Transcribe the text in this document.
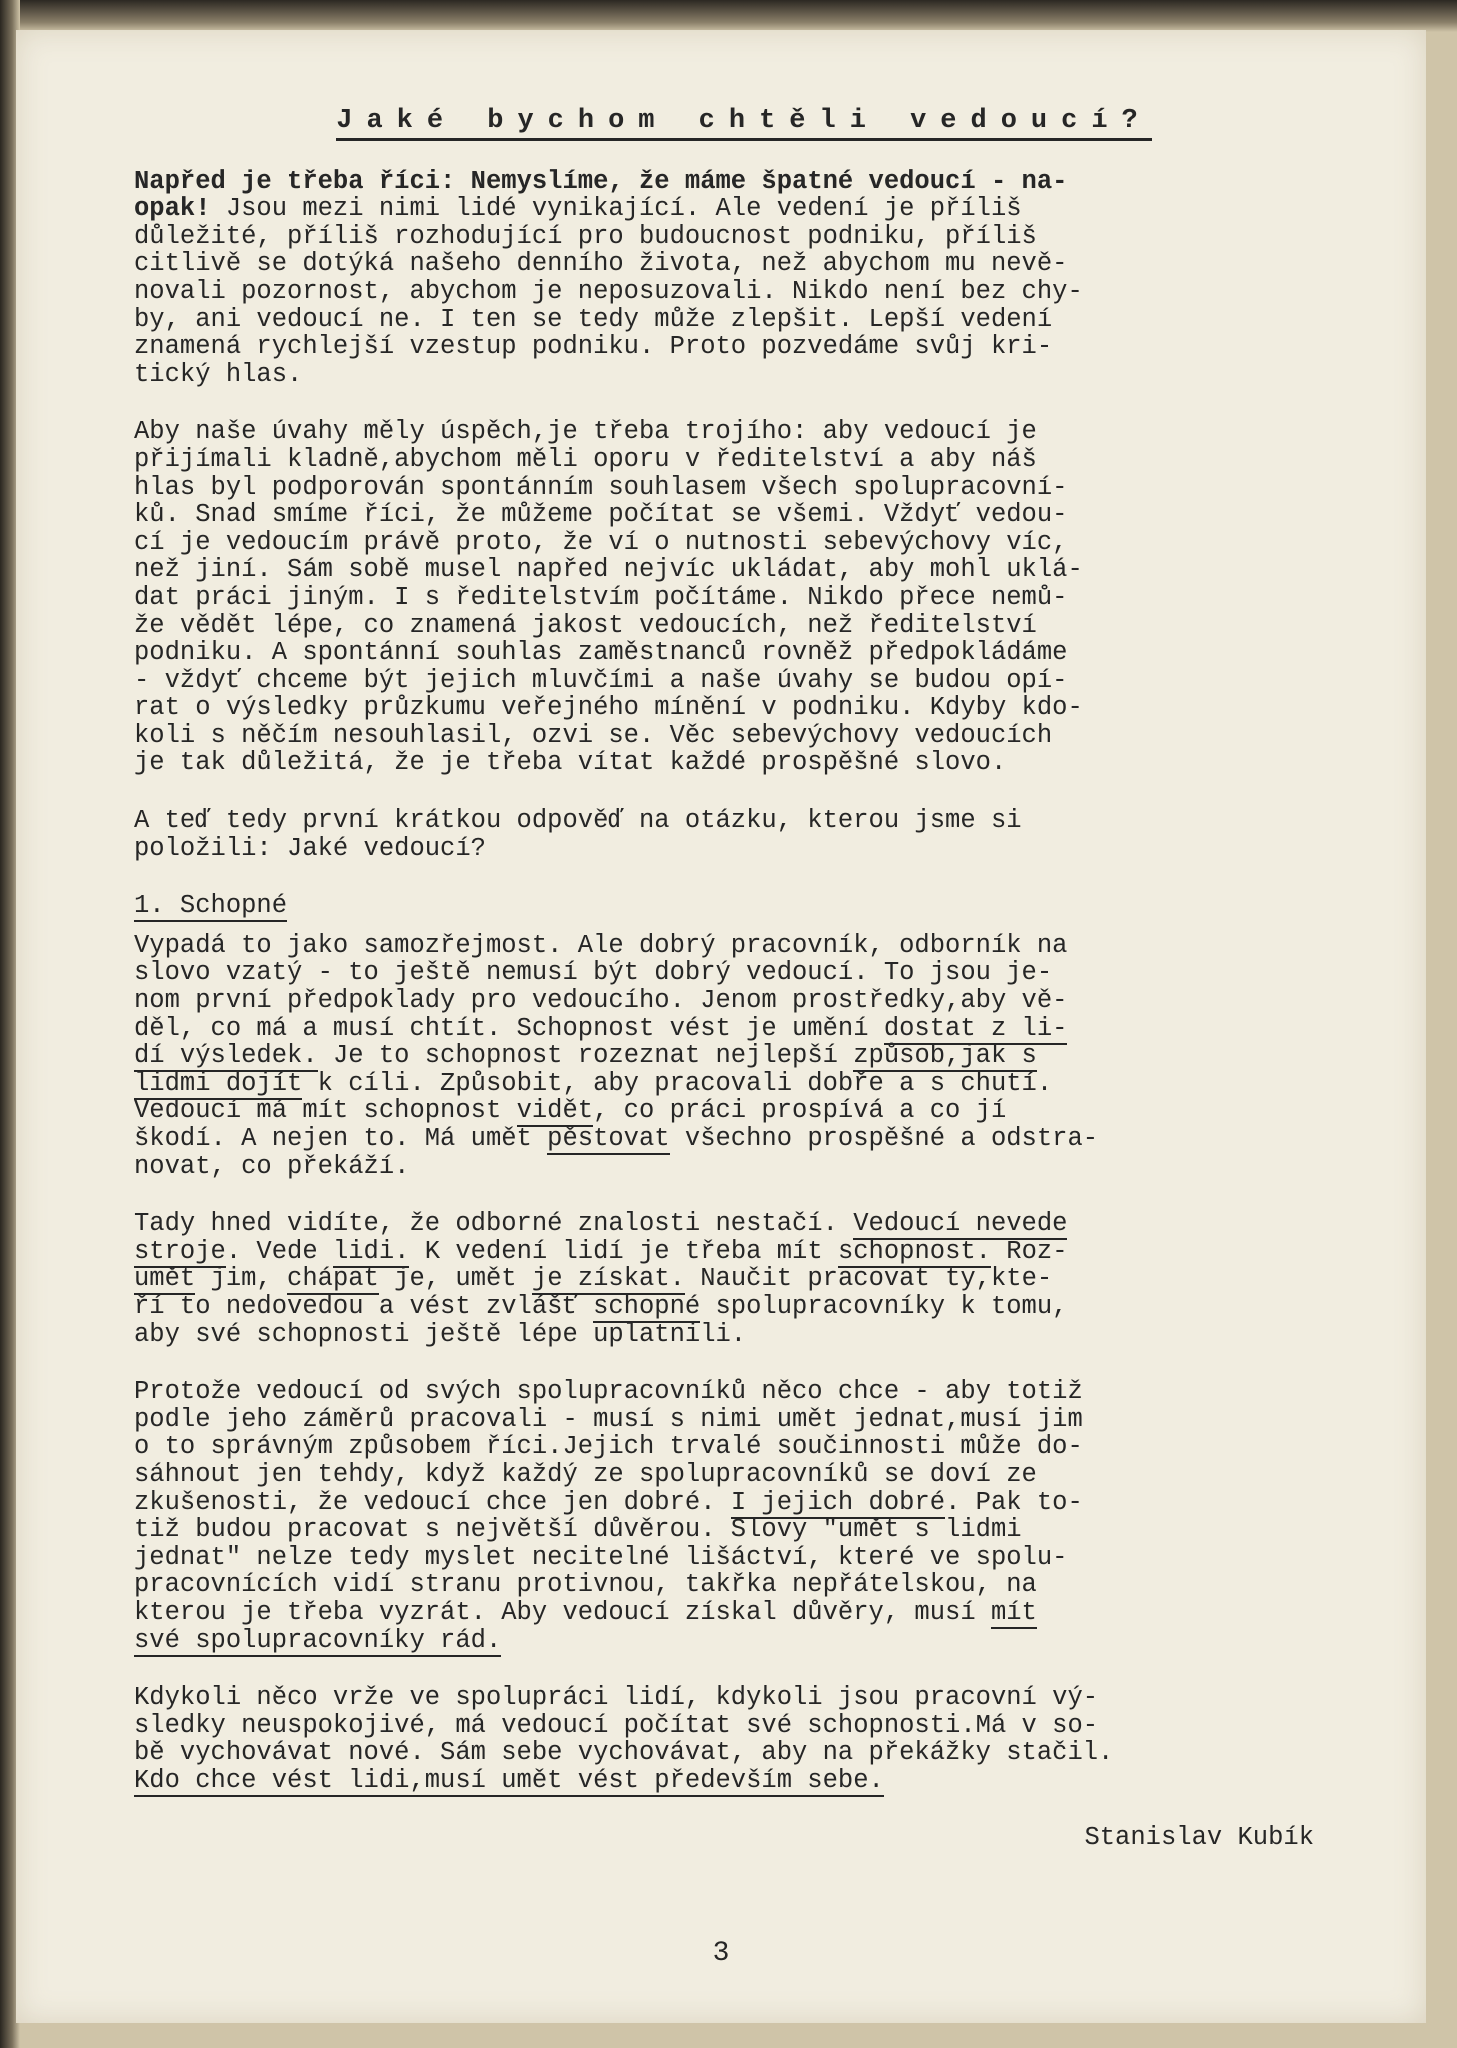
Jaké bychom chtěli vedoucí?
Napřed je třeba říci: Nemyslíme, že máme špatné vedoucí - na-
opak! Jsou mezi nimi lidé vynikající. Ale vedení je příliš
důležité, příliš rozhodující pro budoucnost podniku, příliš
citlivě se dotýká našeho denního života, než abychom mu nevě-
novali pozornost, abychom je neposuzovali. Nikdo není bez chy-
by, ani vedoucí ne. I ten se tedy může zlepšit. Lepší vedení
znamená rychlejší vzestup podniku. Proto pozvedáme svůj kri-
tický hlas.
Aby naše úvahy měly úspěch,je třeba trojího: aby vedoucí je
přijímali kladně,abychom měli oporu v ředitelství a aby náš
hlas byl podporován spontánním souhlasem všech spolupracovní-
ků. Snad smíme říci, že můžeme počítat se všemi. Vždyť vedou-
cí je vedoucím právě proto, že ví o nutnosti sebevýchovy víc,
než jiní. Sám sobě musel napřed nejvíc ukládat, aby mohl uklá-
dat práci jiným. I s ředitelstvím počítáme. Nikdo přece nemů-
že vědět lépe, co znamená jakost vedoucích, než ředitelství
podniku. A spontánní souhlas zaměstnanců rovněž předpokládáme
- vždyť chceme být jejich mluvčími a naše úvahy se budou opí-
rat o výsledky průzkumu veřejného mínění v podniku. Kdyby kdo-
koli s něčím nesouhlasil, ozvi se. Věc sebevýchovy vedoucích
je tak důležitá, že je třeba vítat každé prospěšné slovo.
A teď tedy první krátkou odpověď na otázku, kterou jsme si
položili: Jaké vedoucí?
1. Schopné
Vypadá to jako samozřejmost. Ale dobrý pracovník, odborník na
slovo vzatý - to ještě nemusí být dobrý vedoucí. To jsou je-
nom první předpoklady pro vedoucího. Jenom prostředky,aby vě-
děl, co má a musí chtít. Schopnost vést je umění dostat z li-
dí výsledek. Je to schopnost rozeznat nejlepší způsob,jak s
lidmi dojít k cíli. Způsobit, aby pracovali dobře a s chutí.
Vedoucí má mít schopnost vidět, co práci prospívá a co jí
škodí. A nejen to. Má umět pěstovat všechno prospěšné a odstra-
novat, co překáží.
Tady hned vidíte, že odborné znalosti nestačí. Vedoucí nevede
stroje. Vede lidi. K vedení lidí je třeba mít schopnost. Roz-
umět jim, chápat je, umět je získat. Naučit pracovat ty,kte-
ří to nedovedou a vést zvlášť schopné spolupracovníky k tomu,
aby své schopnosti ještě lépe uplatnili.
Protože vedoucí od svých spolupracovníků něco chce - aby totiž
podle jeho záměrů pracovali - musí s nimi umět jednat,musí jim
o to správným způsobem říci.Jejich trvalé součinnosti může do-
sáhnout jen tehdy, když každý ze spolupracovníků se doví ze
zkušenosti, že vedoucí chce jen dobré. I jejich dobré. Pak to-
tiž budou pracovat s největší důvěrou. Slovy "umět s lidmi
jednat" nelze tedy myslet necitelné lišáctví, které ve spolu-
pracovnících vidí stranu protivnou, takřka nepřátelskou, na
kterou je třeba vyzrát. Aby vedoucí získal důvěry, musí mít
své spolupracovníky rád.
Kdykoli něco vrže ve spolupráci lidí, kdykoli jsou pracovní vý-
sledky neuspokojivé, má vedoucí počítat své schopnosti.Má v so-
bě vychovávat nové. Sám sebe vychovávat, aby na překážky stačil.
Kdo chce vést lidi,musí umět vést především sebe.
Stanislav Kubík
3
